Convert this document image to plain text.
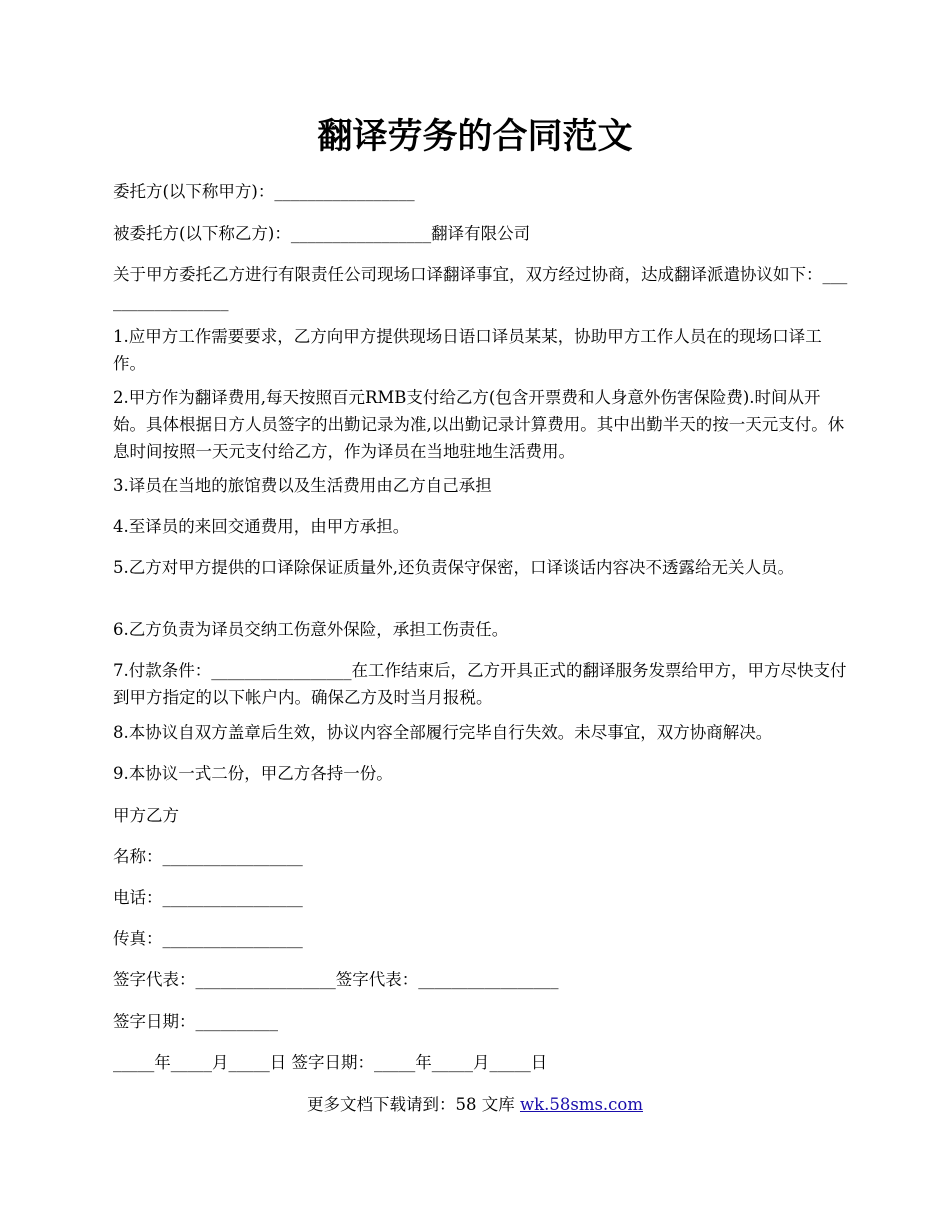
翻译劳务的合同范文

委托方(以下称甲方)：_________________

被委托方(以下称乙方)：_________________翻译有限公司

关于甲方委托乙方进行有限责任公司现场口译翻译事宜，双方经过协商，达成翻译派遣协议如下：_________________

1.应甲方工作需要要求，乙方向甲方提供现场日语口译员某某，协助甲方工作人员在的现场口译工作。

2.甲方作为翻译费用,每天按照百元RMB支付给乙方(包含开票费和人身意外伤害保险费).时间从开始。具体根据日方人员签字的出勤记录为准,以出勤记录计算费用。其中出勤半天的按一天元支付。休息时间按照一天元支付给乙方，作为译员在当地驻地生活费用。

3.译员在当地的旅馆费以及生活费用由乙方自己承担

4.至译员的来回交通费用，由甲方承担。

5.乙方对甲方提供的口译除保证质量外,还负责保守保密，口译谈话内容决不透露给无关人员。

6.乙方负责为译员交纳工伤意外保险，承担工伤责任。

7.付款条件：_________________在工作结束后，乙方开具正式的翻译服务发票给甲方，甲方尽快支付到甲方指定的以下帐户内。确保乙方及时当月报税。

8.本协议自双方盖章后生效，协议内容全部履行完毕自行失效。未尽事宜，双方协商解决。

9.本协议一式二份，甲乙方各持一份。

甲方乙方

名称：_________________

电话：_________________

传真：_________________

签字代表：_________________签字代表：_________________

签字日期：__________

_____年_____月_____日 签字日期：_____年_____月_____日

更多文档下载请到：58 文库 wk.58sms.com
